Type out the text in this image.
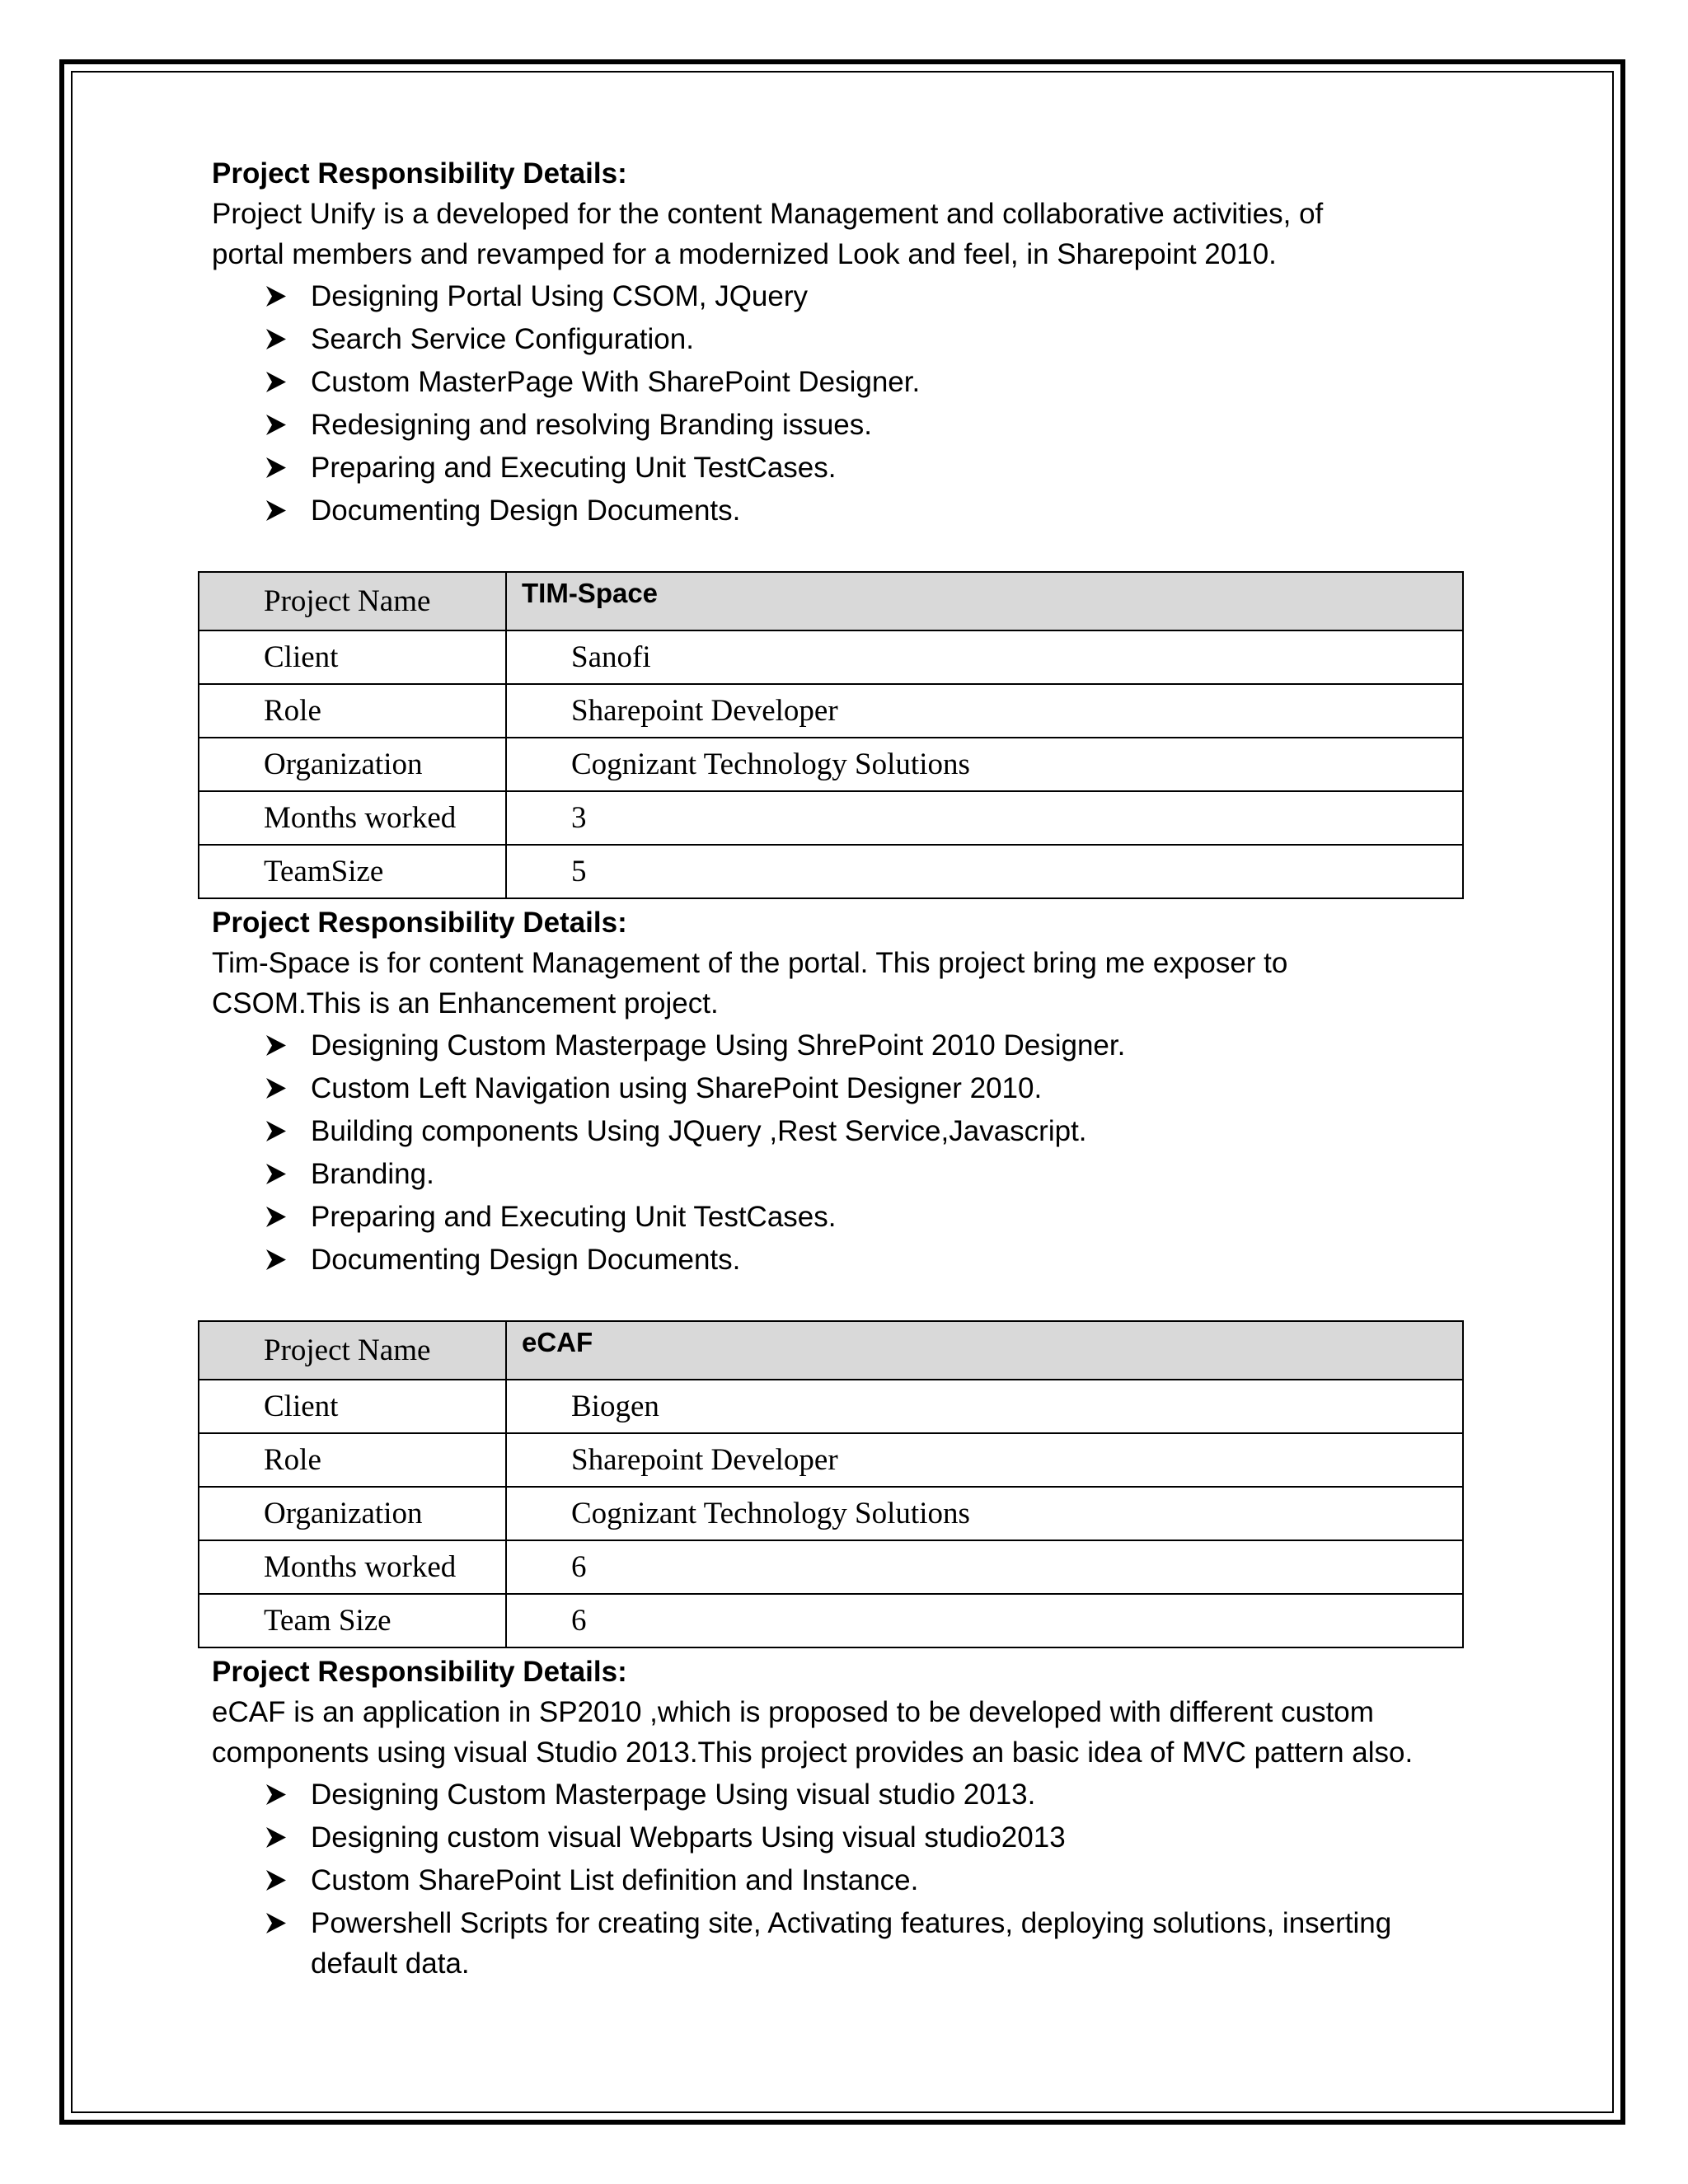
Project Responsibility Details:
Project Unify is a developed for the content Management and collaborative activities, of
portal members and revamped for a modernized Look and feel, in Sharepoint 2010.
Designing Portal Using CSOM, JQuery
Search Service Configuration.
Custom MasterPage With SharePoint Designer.
Redesigning and resolving Branding issues.
Preparing and Executing Unit TestCases.
Documenting Design Documents.
Project Name	TIM-Space
Client	Sanofi
Role	Sharepoint Developer
Organization	Cognizant Technology Solutions
Months worked	3
TeamSize	5
Project Responsibility Details:
Tim-Space is for content Management of the portal. This project bring me exposer to
CSOM.This is an Enhancement project.
Designing Custom Masterpage Using ShrePoint 2010 Designer.
Custom Left Navigation using SharePoint Designer 2010.
Building components Using JQuery ,Rest Service,Javascript.
Branding.
Preparing and Executing Unit TestCases.
Documenting Design Documents.
Project Name	eCAF
Client	Biogen
Role	Sharepoint Developer
Organization	Cognizant Technology Solutions
Months worked	6
Team Size	6
Project Responsibility Details:
eCAF is an application in SP2010 ,which is proposed to be developed with different custom
components using visual Studio 2013.This project provides an basic idea of MVC pattern also.
Designing Custom Masterpage Using visual studio 2013.
Designing custom visual Webparts Using visual studio2013
Custom SharePoint List definition and Instance.
Powershell Scripts for creating site, Activating features, deploying solutions, inserting default data.
